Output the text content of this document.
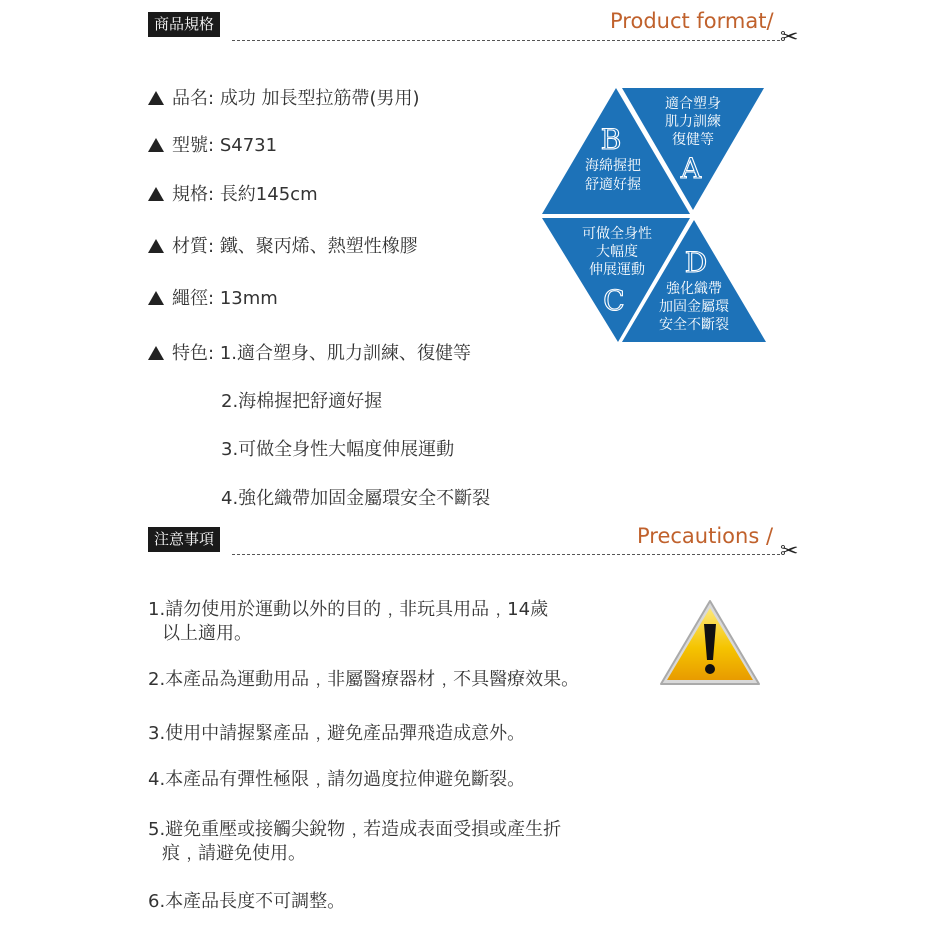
商品規格	Product format/
✂
品名: 成功 加長型拉筋帶(男用)
型號: S4731
規格: 長約145cm
材質: 鐵、聚丙烯、熱塑性橡膠
繩徑: 13mm
特色: 1.適合塑身、肌力訓練、復健等
2.海棉握把舒適好握
3.可做全身性大幅度伸展運動
4.強化織帶加固金屬環安全不斷裂
B
海綿握把
舒適好握
適合塑身
肌力訓練
復健等
A
可做全身性
大幅度
伸展運動
C
D
強化織帶
加固金屬環
安全不斷裂
注意事項	Precautions /
✂
1.請勿使用於運動以外的目的﹐非玩具用品﹐14歲
以上適用。
2.本產品為運動用品﹐非屬醫療器材﹐不具醫療效果。
3.使用中請握緊產品﹐避免產品彈飛造成意外。
4.本產品有彈性極限﹐請勿過度拉伸避免斷裂。
5.避免重壓或接觸尖銳物﹐若造成表面受損或產生折
痕﹐請避免使用。
6.本產品長度不可調整。
